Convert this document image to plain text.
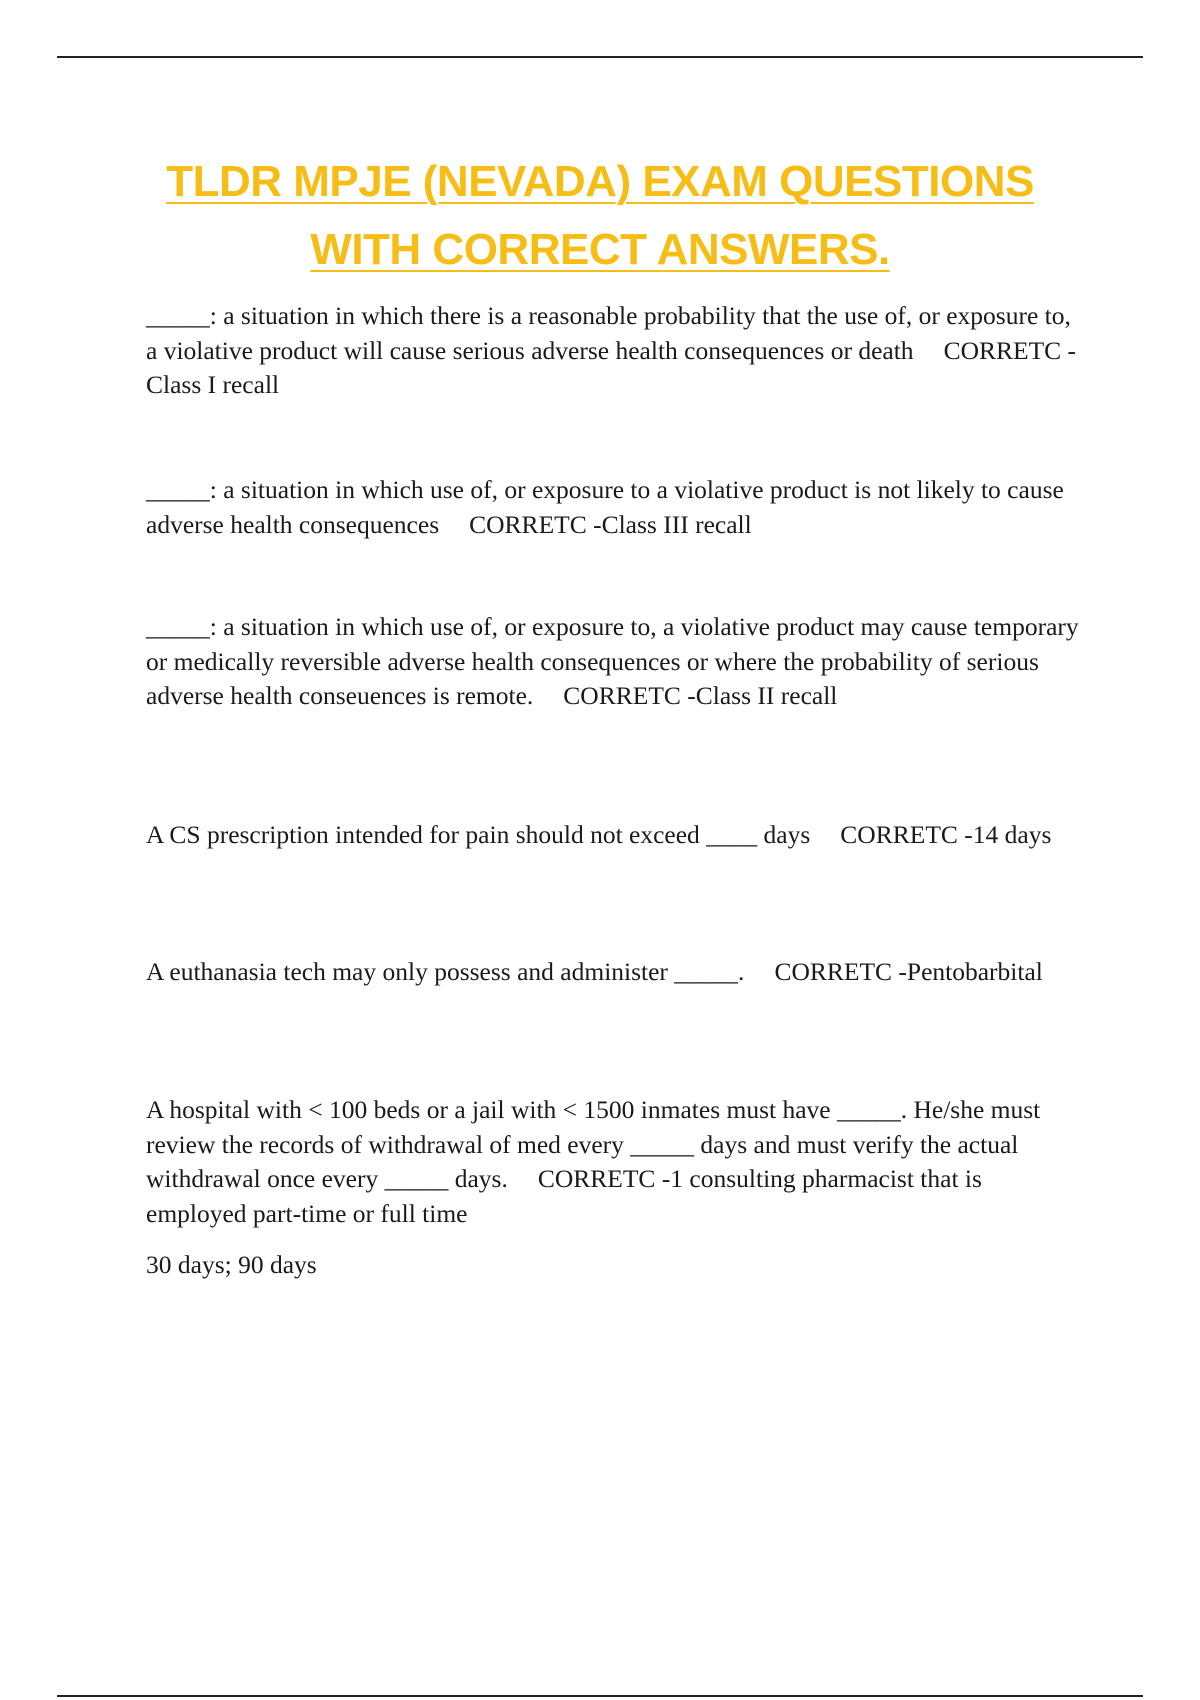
TLDR MPJE (NEVADA) EXAM QUESTIONS
WITH CORRECT ANSWERS.

_____: a situation in which there is a reasonable probability that the use of, or exposure to, a violative product will cause serious adverse health consequences or death CORRETC -Class I recall

_____: a situation in which use of, or exposure to a violative product is not likely to cause adverse health consequences CORRETC -Class III recall

_____: a situation in which use of, or exposure to, a violative product may cause temporary or medically reversible adverse health consequences or where the probability of serious adverse health conseuences is remote. CORRETC -Class II recall

A CS prescription intended for pain should not exceed ____ days CORRETC -14 days

A euthanasia tech may only possess and administer _____. CORRETC -Pentobarbital

A hospital with < 100 beds or a jail with < 1500 inmates must have _____. He/she must review the records of withdrawal of med every _____ days and must verify the actual withdrawal once every _____ days. CORRETC -1 consulting pharmacist that is employed part-time or full time

30 days; 90 days
